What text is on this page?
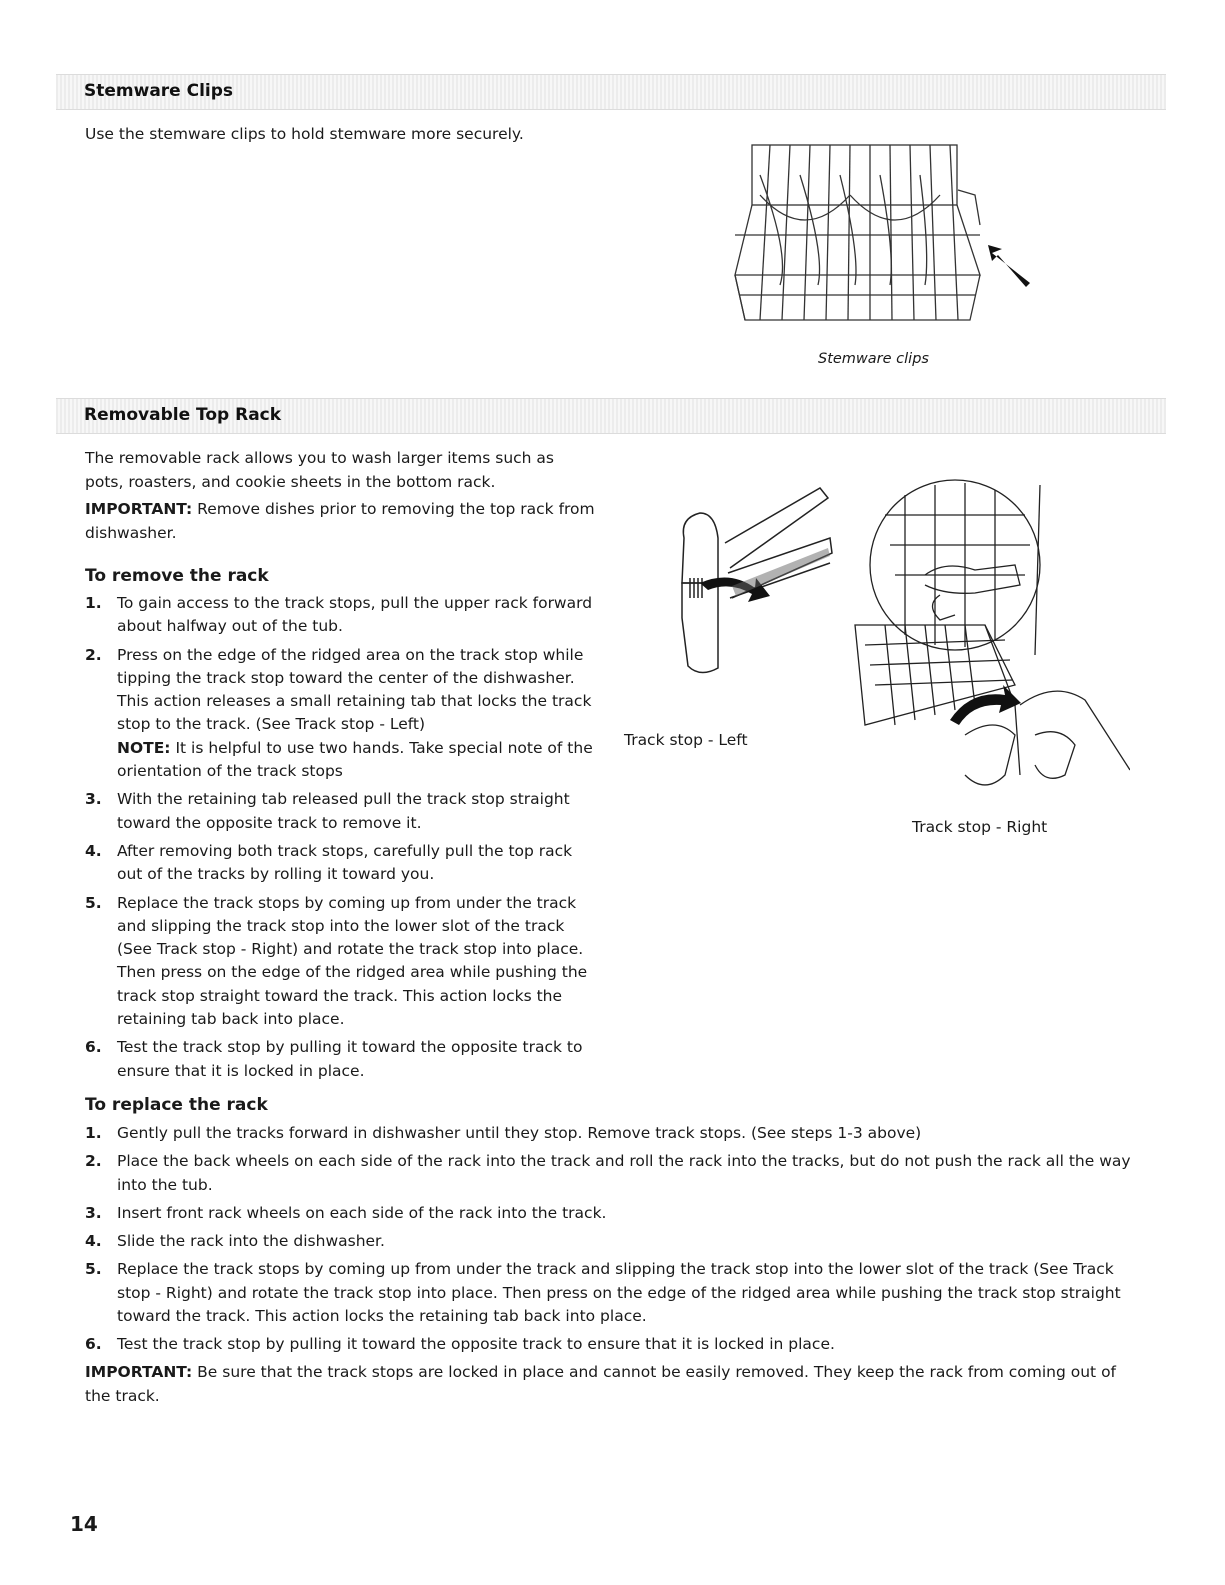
Stemware Clips

Use the stemware clips to hold stemware more securely.

Stemware clips
Removable Top Rack

The removable rack allows you to wash larger items such as pots, roasters, and cookie sheets in the bottom rack.

IMPORTANT: Remove dishes prior to removing the top rack from dishwasher.

To remove the rack
1. To gain access to the track stops, pull the upper rack forward about halfway out of the tub.
2. Press on the edge of the ridged area on the track stop while tipping the track stop toward the center of the dishwasher. This action releases a small retaining tab that locks the track stop to the track. (See Track stop - Left)
NOTE: It is helpful to use two hands. Take special note of the orientation of the track stops
3. With the retaining tab released pull the track stop straight toward the opposite track to remove it.
4. After removing both track stops, carefully pull the top rack out of the tracks by rolling it toward you.
5. Replace the track stops by coming up from under the track and slipping the track stop into the lower slot of the track (See Track stop - Right) and rotate the track stop into place. Then press on the edge of the ridged area while pushing the track stop straight toward the track. This action locks the retaining tab back into place.
6. Test the track stop by pulling it toward the opposite track to ensure that it is locked in place.
Track stop - Left
Track stop - Right
To replace the rack
1. Gently pull the tracks forward in dishwasher until they stop. Remove track stops. (See steps 1-3 above)
2. Place the back wheels on each side of the rack into the track and roll the rack into the tracks, but do not push the rack all the way into the tub.
3. Insert front rack wheels on each side of the rack into the track.
4. Slide the rack into the dishwasher.
5. Replace the track stops by coming up from under the track and slipping the track stop into the lower slot of the track (See Track stop - Right) and rotate the track stop into place. Then press on the edge of the ridged area while pushing the track stop straight toward the track. This action locks the retaining tab back into place.
6. Test the track stop by pulling it toward the opposite track to ensure that it is locked in place.

IMPORTANT: Be sure that the track stops are locked in place and cannot be easily removed. They keep the rack from coming out of the track.

14
